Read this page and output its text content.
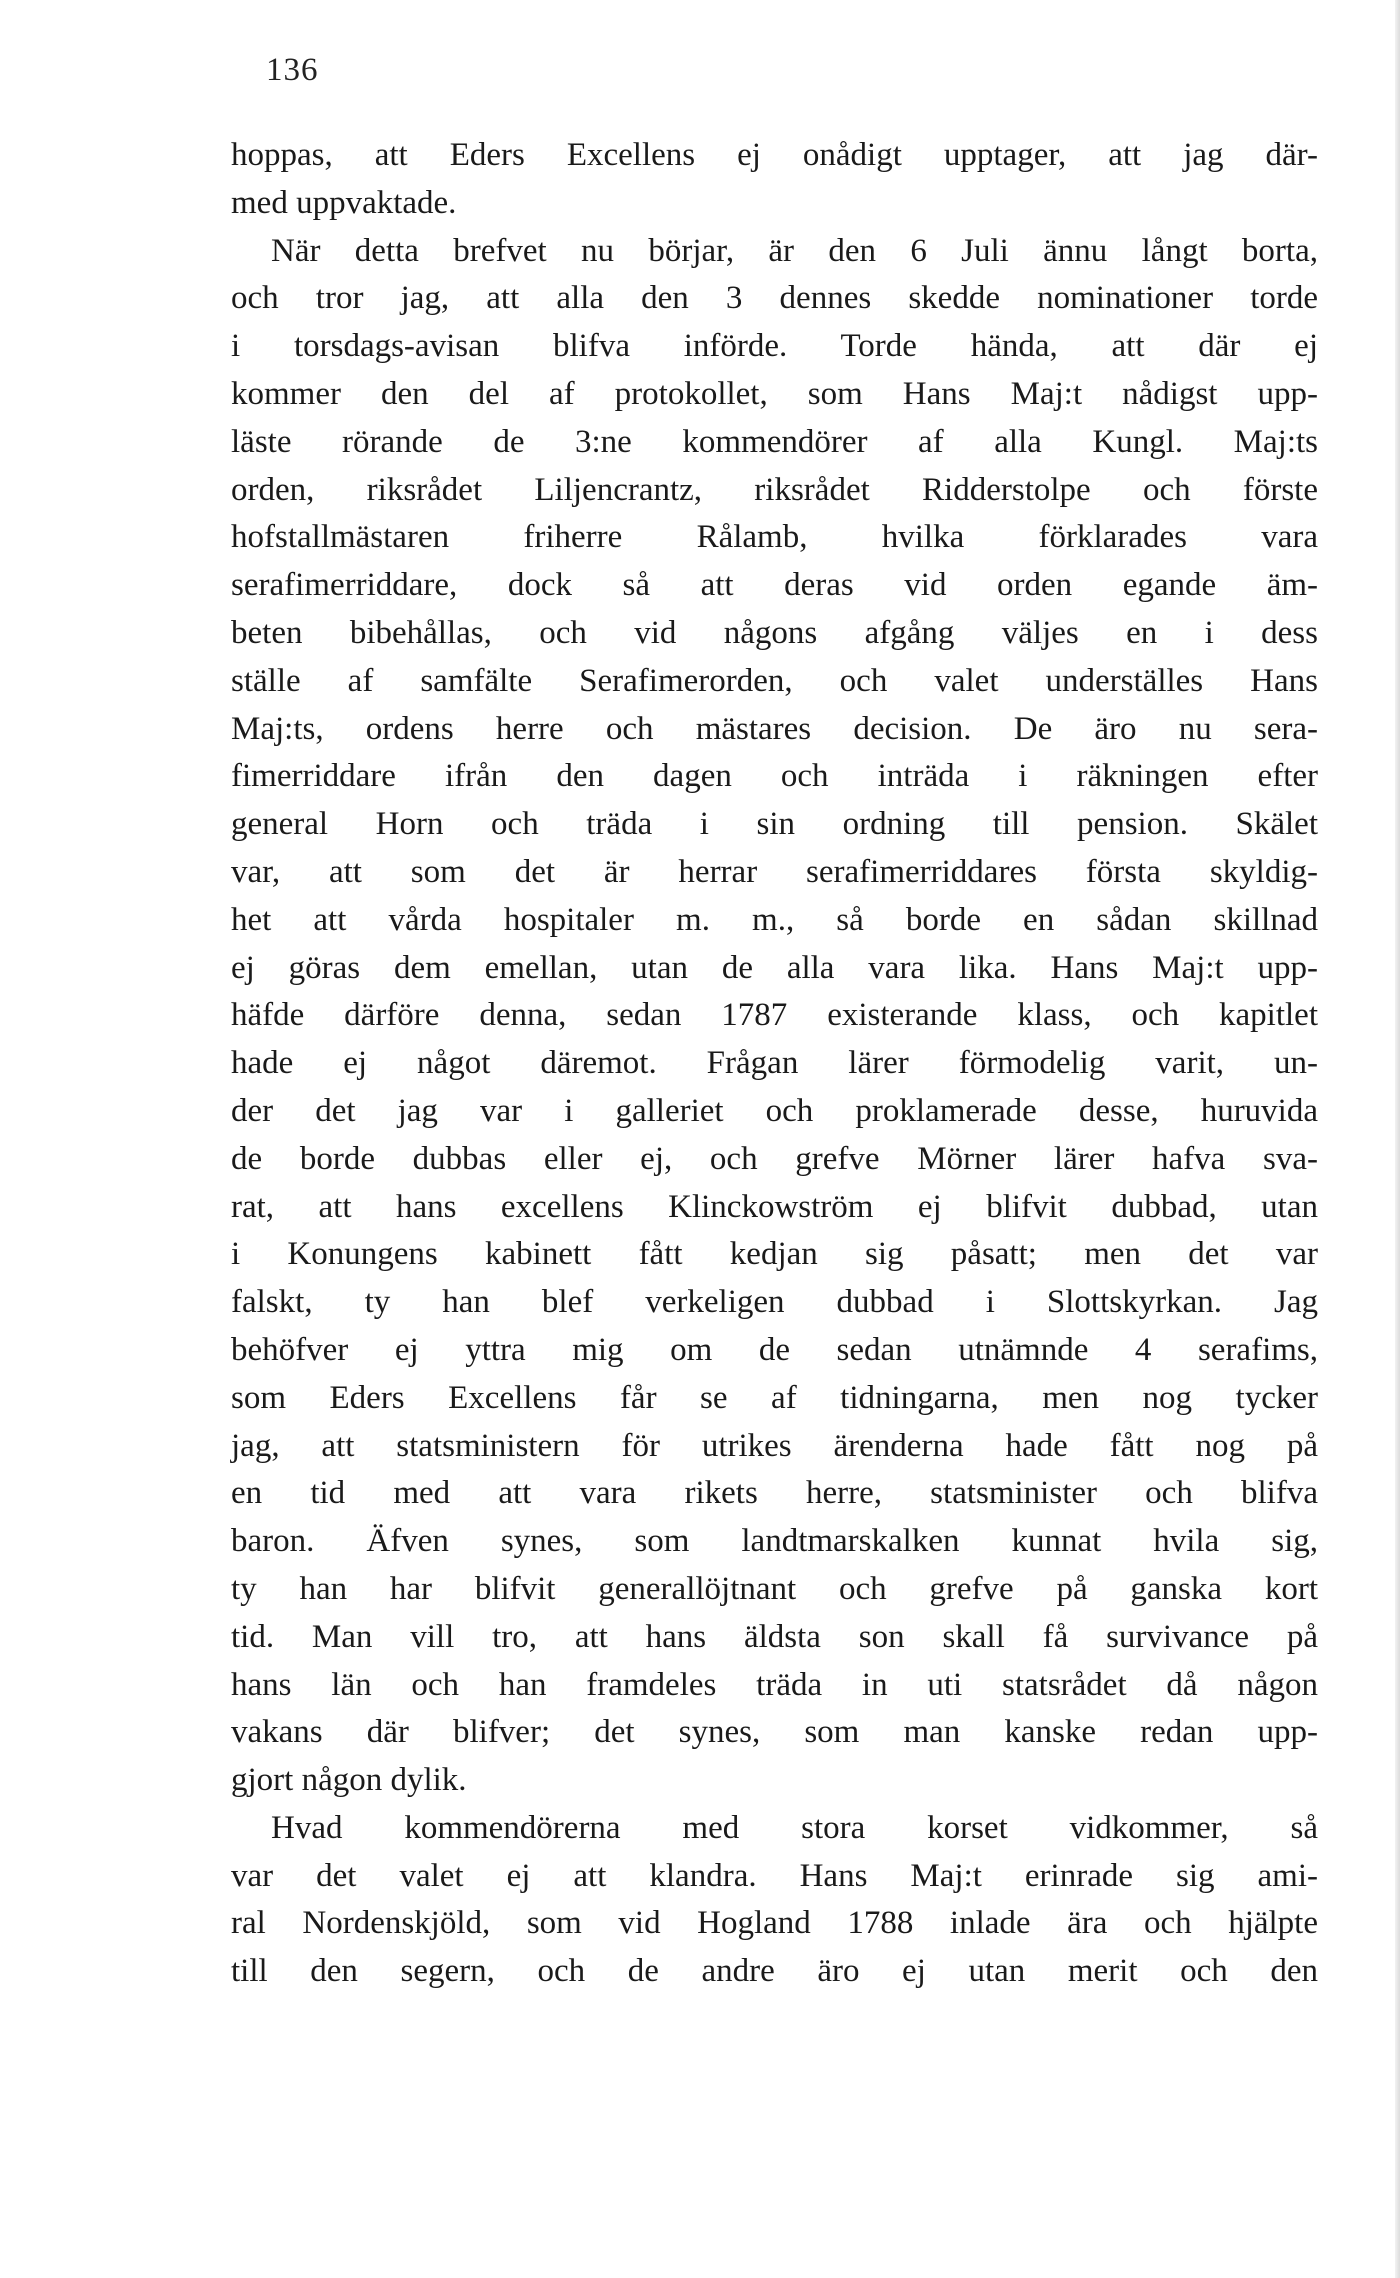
136
hoppas, att Eders Excellens ej onådigt upptager, att jag där-
med uppvaktade.
När detta brefvet nu börjar, är den 6 Juli ännu långt borta,
och tror jag, att alla den 3 dennes skedde nominationer torde
i torsdags-avisan blifva införde. Torde hända, att där ej
kommer den del af protokollet, som Hans Maj:t nådigst upp-
läste rörande de 3:ne kommendörer af alla Kungl. Maj:ts
orden, riksrådet Liljencrantz, riksrådet Ridderstolpe och förste
hofstallmästaren friherre Rålamb, hvilka förklarades vara
serafimerriddare, dock så att deras vid orden egande äm-
beten bibehållas, och vid någons afgång väljes en i dess
ställe af samfälte Serafimerorden, och valet underställes Hans
Maj:ts, ordens herre och mästares decision. De äro nu sera-
fimerriddare ifrån den dagen och inträda i räkningen efter
general Horn och träda i sin ordning till pension. Skälet
var, att som det är herrar serafimerriddares första skyldig-
het att vårda hospitaler m. m., så borde en sådan skillnad
ej göras dem emellan, utan de alla vara lika. Hans Maj:t upp-
häfde därföre denna, sedan 1787 existerande klass, och kapitlet
hade ej något däremot. Frågan lärer förmodelig varit, un-
der det jag var i galleriet och proklamerade desse, huruvida
de borde dubbas eller ej, och grefve Mörner lärer hafva sva-
rat, att hans excellens Klinckowström ej blifvit dubbad, utan
i Konungens kabinett fått kedjan sig påsatt; men det var
falskt, ty han blef verkeligen dubbad i Slottskyrkan. Jag
behöfver ej yttra mig om de sedan utnämnde 4 serafims,
som Eders Excellens får se af tidningarna, men nog tycker
jag, att statsministern för utrikes ärenderna hade fått nog på
en tid med att vara rikets herre, statsminister och blifva
baron. Äfven synes, som landtmarskalken kunnat hvila sig,
ty han har blifvit generallöjtnant och grefve på ganska kort
tid. Man vill tro, att hans äldsta son skall få survivance på
hans län och han framdeles träda in uti statsrådet då någon
vakans där blifver; det synes, som man kanske redan upp-
gjort någon dylik.
Hvad kommendörerna med stora korset vidkommer, så
var det valet ej att klandra. Hans Maj:t erinrade sig ami-
ral Nordenskjöld, som vid Hogland 1788 inlade ära och hjälpte
till den segern, och de andre äro ej utan merit och den
